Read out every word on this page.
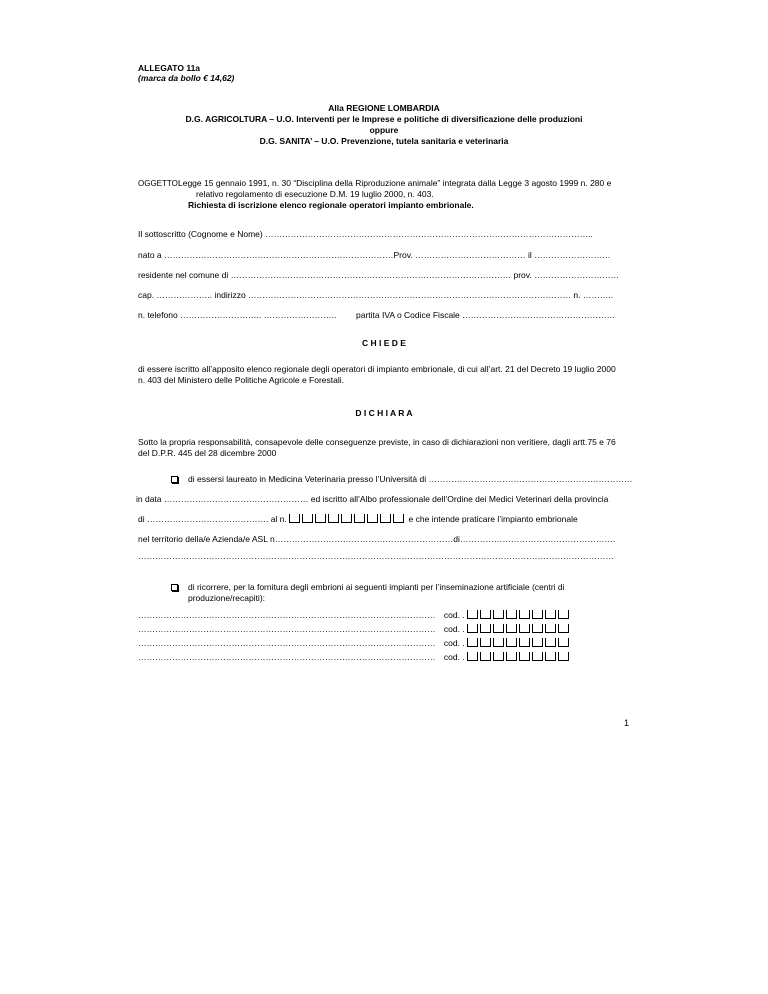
ALLEGATO 11a
(marca da bollo € 14,62)
Alla REGIONE LOMBARDIA
D.G. AGRICOLTURA – U.O. Interventi per le Imprese e politiche di diversificazione delle produzioni
oppure
D.G. SANITA’ – U.O. Prevenzione, tutela sanitaria e veterinaria
OGGETTO:
Legge 15 gennaio 1991, n. 30 “Disciplina della Riproduzione animale” integrata dalla Legge 3 agosto 1999 n. 280 e
relativo regolamento di esecuzione D.M. 19 luglio 2000, n. 403.
Richiesta di iscrizione elenco regionale operatori impianto embrionale.
Il sottoscritto (Cognome e Nome) ……………………………………………………………………………………………………..
nato a ………………………………………………………………………Prov. ………………………………… il ………………………
residente nel comune di ……………………………………………………………………………………… prov. …………………………
cap. ……………….. indirizzo …………………………………………………………………………………………………… n. ………..
n. telefono ……………………….. …………………….. partita IVA o Codice Fiscale ………………………………………………
C H I E D E
di essere iscritto all’apposito elenco regionale degli operatori di impianto embrionale, di cui all’art. 21 del Decreto 19 luglio 2000
n. 403 del Ministero delle Politiche Agricole e Forestali.
D I C H I A R A
Sotto la propria responsabilità, consapevole delle conseguenze previste, in caso di dichiarazioni non veritiere, dagli artt.75 e 76
del D.P.R. 445 del 28 dicembre 2000
di essersi laureato in Medicina Veterinaria presso l’Università di ………………………………………………………………
in data …………………………………………… ed iscritto all’Albo professionale dell’Ordine dei Medici Veterinari della provincia
di ……………………………………. al n.	e che intende praticare l’impianto embrionale
nel territorio della/e Azienda/e ASL n………………………………………………………di……………………………………………….
……………………………………………………………………………………………………………………………………………………
di ricorrere, per la fornitura degli embrioni ai seguenti impianti per l’inseminazione artificiale (centri di
produzione/recapiti):
…………………………………………………………………………………………… cod. .
…………………………………………………………………………………………… cod. .
…………………………………………………………………………………………… cod. .
…………………………………………………………………………………………… cod. .
1
